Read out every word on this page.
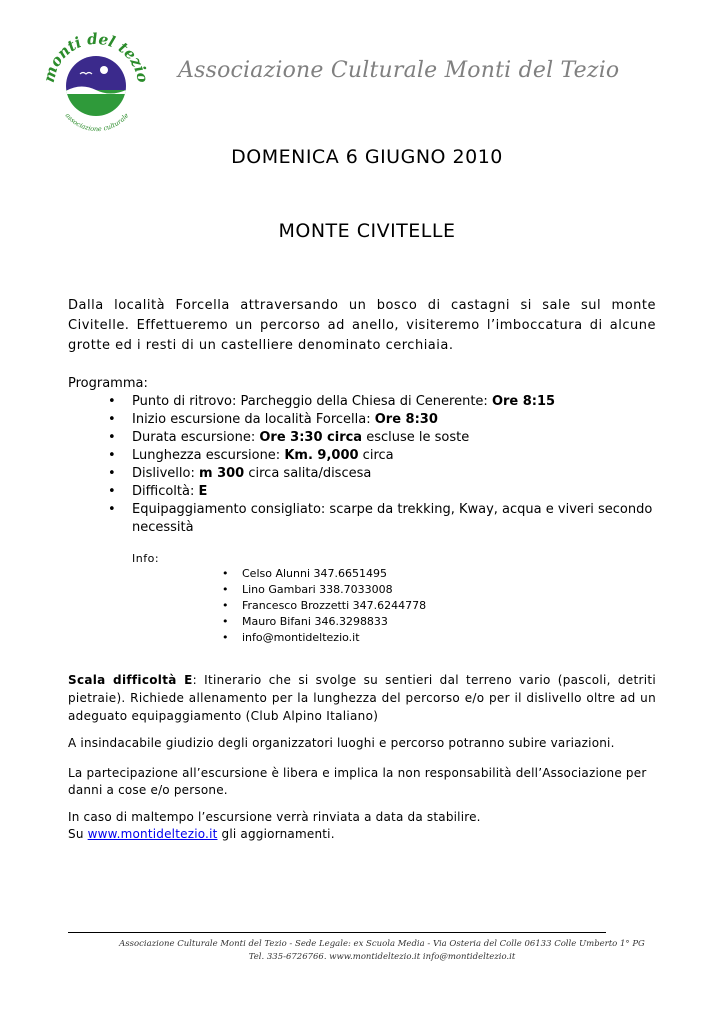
monti del tezio
associazione culturale
Associazione Culturale Monti del Tezio
DOMENICA 6 GIUGNO 2010
MONTE CIVITELLE

Dalla località Forcella attraversando un bosco di castagni si sale sul monte Civitelle. Effettueremo un percorso ad anello, visiteremo l’imboccatura di alcune grotte ed i resti di un castelliere denominato cerchiaia.

Programma:
• Punto di ritrovo: Parcheggio della Chiesa di Cenerente: Ore 8:15
• Inizio escursione da località Forcella: Ore 8:30
• Durata escursione: Ore 3:30 circa escluse le soste
• Lunghezza escursione: Km. 9,000 circa
• Dislivello: m 300 circa salita/discesa
• Difficoltà: E
• Equipaggiamento consigliato: scarpe da trekking, Kway, acqua e viveri secondo necessità
Info:
• Celso Alunni 347.6651495
• Lino Gambari 338.7033008
• Francesco Brozzetti 347.6244778
• Mauro Bifani 346.3298833
• info@montideltezio.it

Scala difficoltà E: Itinerario che si svolge su sentieri dal terreno vario (pascoli, detriti pietraie). Richiede allenamento per la lunghezza del percorso e/o per il dislivello oltre ad un adeguato equipaggiamento (Club Alpino Italiano)

A insindacabile giudizio degli organizzatori luoghi e percorso potranno subire variazioni.

La partecipazione all’escursione è libera e implica la non responsabilità dell’Associazione per danni a cose e/o persone.

In caso di maltempo l’escursione verrà rinviata a data da stabilire.
Su www.montideltezio.it gli aggiornamenti.
Associazione Culturale Monti del Tezio - Sede Legale: ex Scuola Media - Via Osteria del Colle 06133 Colle Umberto 1° PG
Tel. 335-6726766. www.montideltezio.it info@montideltezio.it
